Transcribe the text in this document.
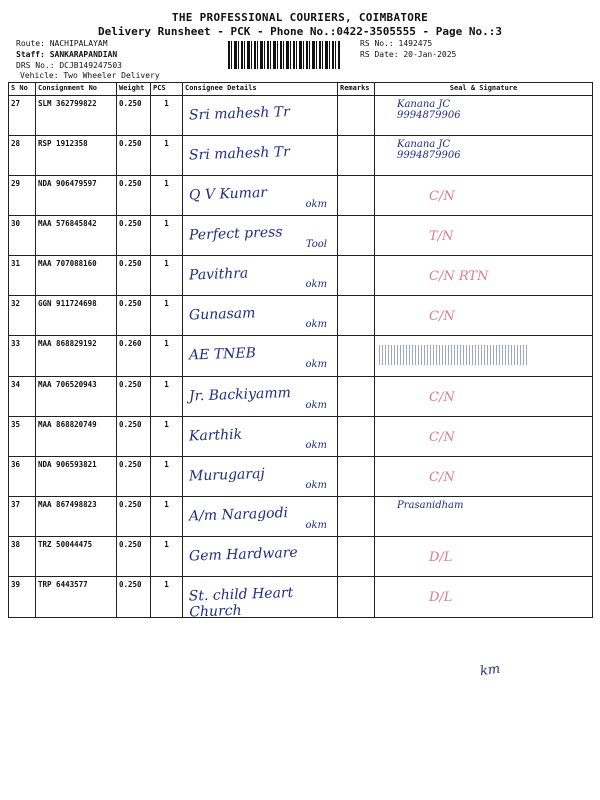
THE PROFESSIONAL COURIERS, COIMBATORE
Delivery Runsheet - PCK - Phone No.:0422-3505555 - Page No.:3
Route: NACHIPALAYAM
Staff: SANKARAPANDIAN
DRS No.: DCJB149247503
Vehicle: Two Wheeler Delivery
RS No.: 1492475
RS Date: 20-Jan-2025
S No	Consignment No	Weight	PCS	Consignee Details	Remarks	Seal & Signature
27	SLM 362799822	0.250	1	Sri mahesh Tr		Kanana JC
9994879906

28	RSP 1912358	0.250	1	Sri mahesh Tr		Kanana JC
9994879906

29	NDA 906479597	0.250	1	Q V Kumar
okm		C/N

30	MAA 576845842	0.250	1	Perfect press
Tool		T/N

31	MAA 707088160	0.250	1	Pavithra
okm		C/N RTN

32	GGN 911724698	0.250	1	Gunasam
okm		C/N

33	MAA 868829192	0.260	1	AE TNEB
okm		

34	MAA 706520943	0.250	1	Jr. Backiyamm
okm		C/N

35	MAA 868820749	0.250	1	Karthik
okm		C/N

36	NDA 906593821	0.250	1	Murugaraj
okm		C/N

37	MAA 867498823	0.250	1	A/m Naragodi
okm		Prasanidham

38	TRZ 50044475	0.250	1	Gem Hardware		D/L

39	TRP 6443577	0.250	1	St. child Heart Church		D/L
km
